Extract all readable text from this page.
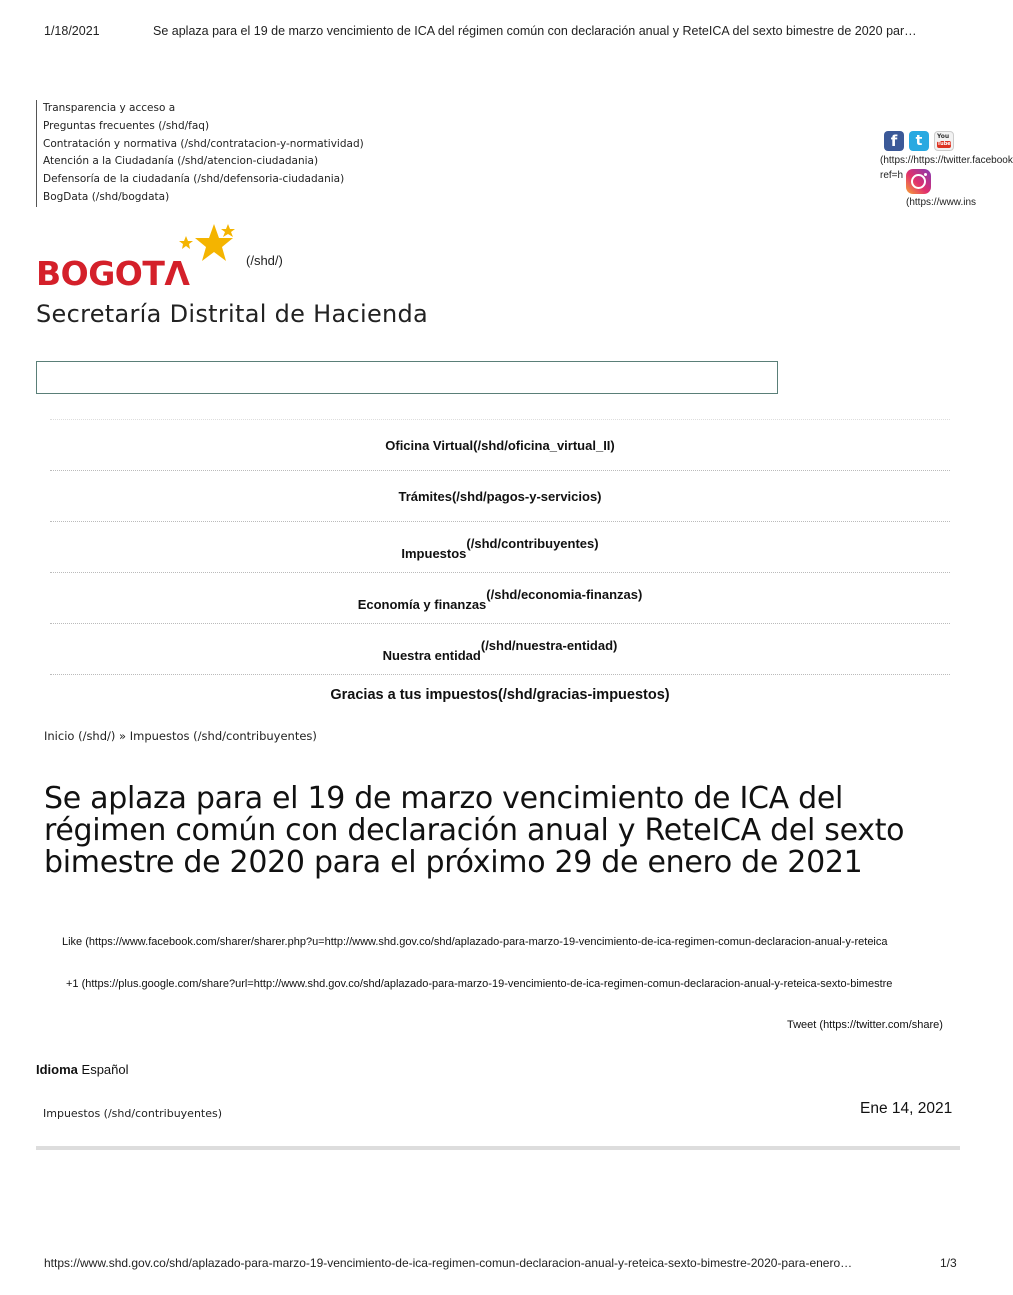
1/18/2021	Se aplaza para el 19 de marzo vencimiento de ICA del régimen común con declaración anual y ReteICA del sexto bimestre de 2020 par…
Transparencia y acceso a
Preguntas frecuentes (/shd/faq)
Contratación y normativa (/shd/contratacion-y-normatividad)
Atención a la Ciudadanía (/shd/atencion-ciudadania)
Defensoría de la ciudadanía (/shd/defensoria-ciudadania)
BogData (/shd/bogdata)
f	t	You
Tube
(https://https://twitter.facebook
ref=h
(https://www.ins
BOGOTΛ	(/shd/)
Secretaría Distrital de Hacienda
Oficina Virtual (/shd/oficina_virtual_II)
Trámites (/shd/pagos-y-servicios)
Impuestos
(/shd/contribuyentes)
Economía y finanzas
(/shd/economia-finanzas)
Nuestra entidad
(/shd/nuestra-entidad)
Gracias a tus impuestos (/shd/gracias-impuestos)
Inicio (/shd/) » Impuestos (/shd/contribuyentes)
Se aplaza para el 19 de marzo vencimiento de ICA del régimen común con declaración anual y ReteICA del sexto bimestre de 2020 para el próximo 29 de enero de 2021
Like (https://www.facebook.com/sharer/sharer.php?u=http://www.shd.gov.co/shd/aplazado-para-marzo-19-vencimiento-de-ica-regimen-comun-declaracion-anual-y-reteica
+1 (https://plus.google.com/share?url=http://www.shd.gov.co/shd/aplazado-para-marzo-19-vencimiento-de-ica-regimen-comun-declaracion-anual-y-reteica-sexto-bimestre
Tweet (https://twitter.com/share)
Idioma Español
Impuestos (/shd/contribuyentes)	Ene 14, 2021
https://www.shd.gov.co/shd/aplazado-para-marzo-19-vencimiento-de-ica-regimen-comun-declaracion-anual-y-reteica-sexto-bimestre-2020-para-enero…	1/3
